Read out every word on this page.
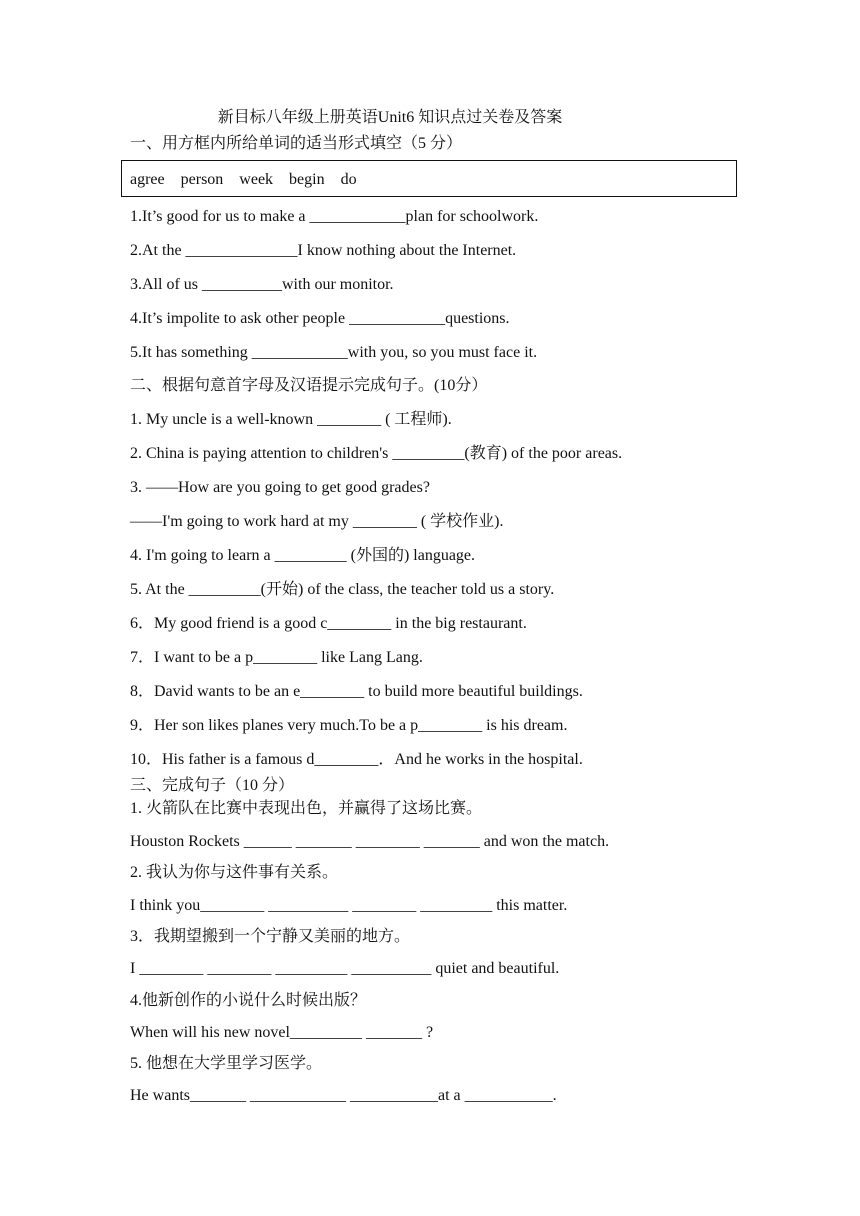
新目标八年级上册英语Unit6 知识点过关卷及答案
一、用方框内所给单词的适当形式填空（5 分）
agree    person    week    begin    do
1.It’s good for us to make a ____________plan for schoolwork.
2.At the ______________I know nothing about the Internet.
3.All of us __________with our monitor.
4.It’s impolite to ask other people ____________questions.
5.It has something ____________with you, so you must face it.
二、根据句意首字母及汉语提示完成句子。(10分）
1. My uncle is a well-known ________ ( 工程师).
2. China is paying attention to children's _________(教育) of the poor areas.
3. ——How are you going to get good grades?
——I'm going to work hard at my ________ ( 学校作业).
4. I'm going to learn a _________ (外国的) language.
5. At the _________(开始) of the class, the teacher told us a story.
6．My good friend is a good c________ in the big restaurant.
7．I want to be a p________ like Lang Lang.
8．David wants to be an e________ to build more beautiful buildings.
9．Her son likes planes very much.To be a p________ is his dream.
10．His father is a famous d________．And he works in the hospital.
三、完成句子（10 分）
1. 火箭队在比赛中表现出色，并赢得了这场比赛。
Houston Rockets ______ _______ ________ _______ and won the match.
2. 我认为你与这件事有关系。
I think you________ __________ ________ _________ this matter.
3．我期望搬到一个宁静又美丽的地方。
I ________ ________ _________ __________ quiet and beautiful.
4.他新创作的小说什么时候出版？
When will his new novel_________ _______ ?
5. 他想在大学里学习医学。
He wants_______ ____________ ___________at a ___________.
